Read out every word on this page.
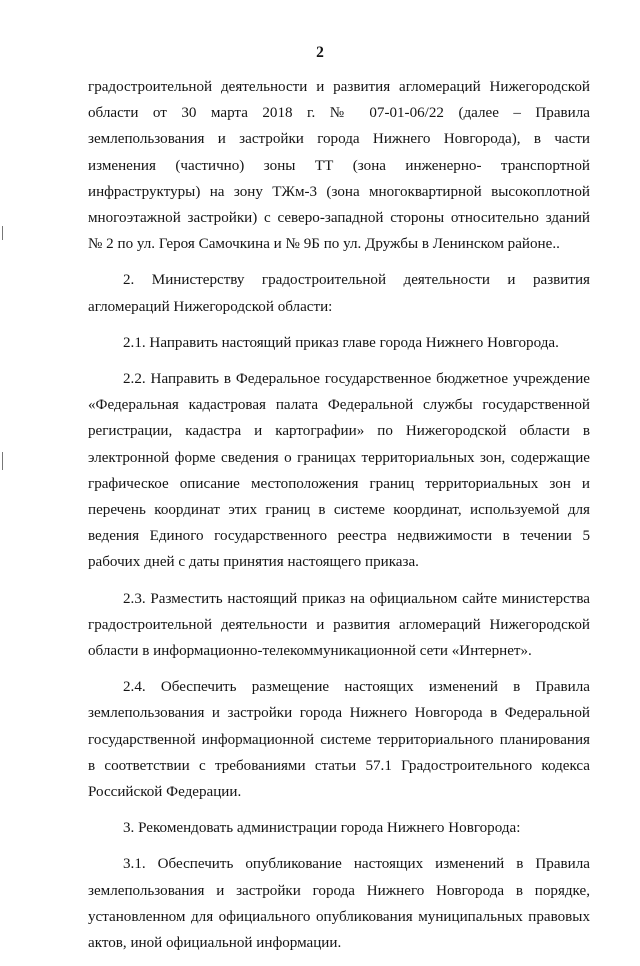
2

градостроительной деятельности и развития агломераций Нижегородской области от 30 марта 2018 г. № 07-01-06/22 (далее – Правила землепользования и застройки города Нижнего Новгорода), в части изменения (частично) зоны ТТ (зона инженерно- транспортной инфраструктуры) на зону ТЖм-3 (зона многоквартирной высокоплотной многоэтажной застройки) с северо-западной стороны относительно зданий № 2 по ул. Героя Самочкина и № 9Б по ул. Дружбы в Ленинском районе..

2. Министерству градостроительной деятельности и развития агломераций Нижегородской области:

2.1. Направить настоящий приказ главе города Нижнего Новгорода.

2.2. Направить в Федеральное государственное бюджетное учреждение «Федеральная кадастровая палата Федеральной службы государственной регистрации, кадастра и картографии» по Нижегородской области в электронной форме сведения о границах территориальных зон, содержащие графическое описание местоположения границ территориальных зон и перечень координат этих границ в системе координат, используемой для ведения Единого государственного реестра недвижимости в течении 5 рабочих дней с даты принятия настоящего приказа.

2.3. Разместить настоящий приказ на официальном сайте министерства градостроительной деятельности и развития агломераций Нижегородской области в информационно-телекоммуникационной сети «Интернет».

2.4. Обеспечить размещение настоящих изменений в Правила землепользования и застройки города Нижнего Новгорода в Федеральной государственной информационной системе территориального планирования в соответствии с требованиями статьи 57.1 Градостроительного кодекса Российской Федерации.

3. Рекомендовать администрации города Нижнего Новгорода:

3.1. Обеспечить опубликование настоящих изменений в Правила землепользования и застройки города Нижнего Новгорода в порядке, установленном для официального опубликования муниципальных правовых актов, иной официальной информации.
